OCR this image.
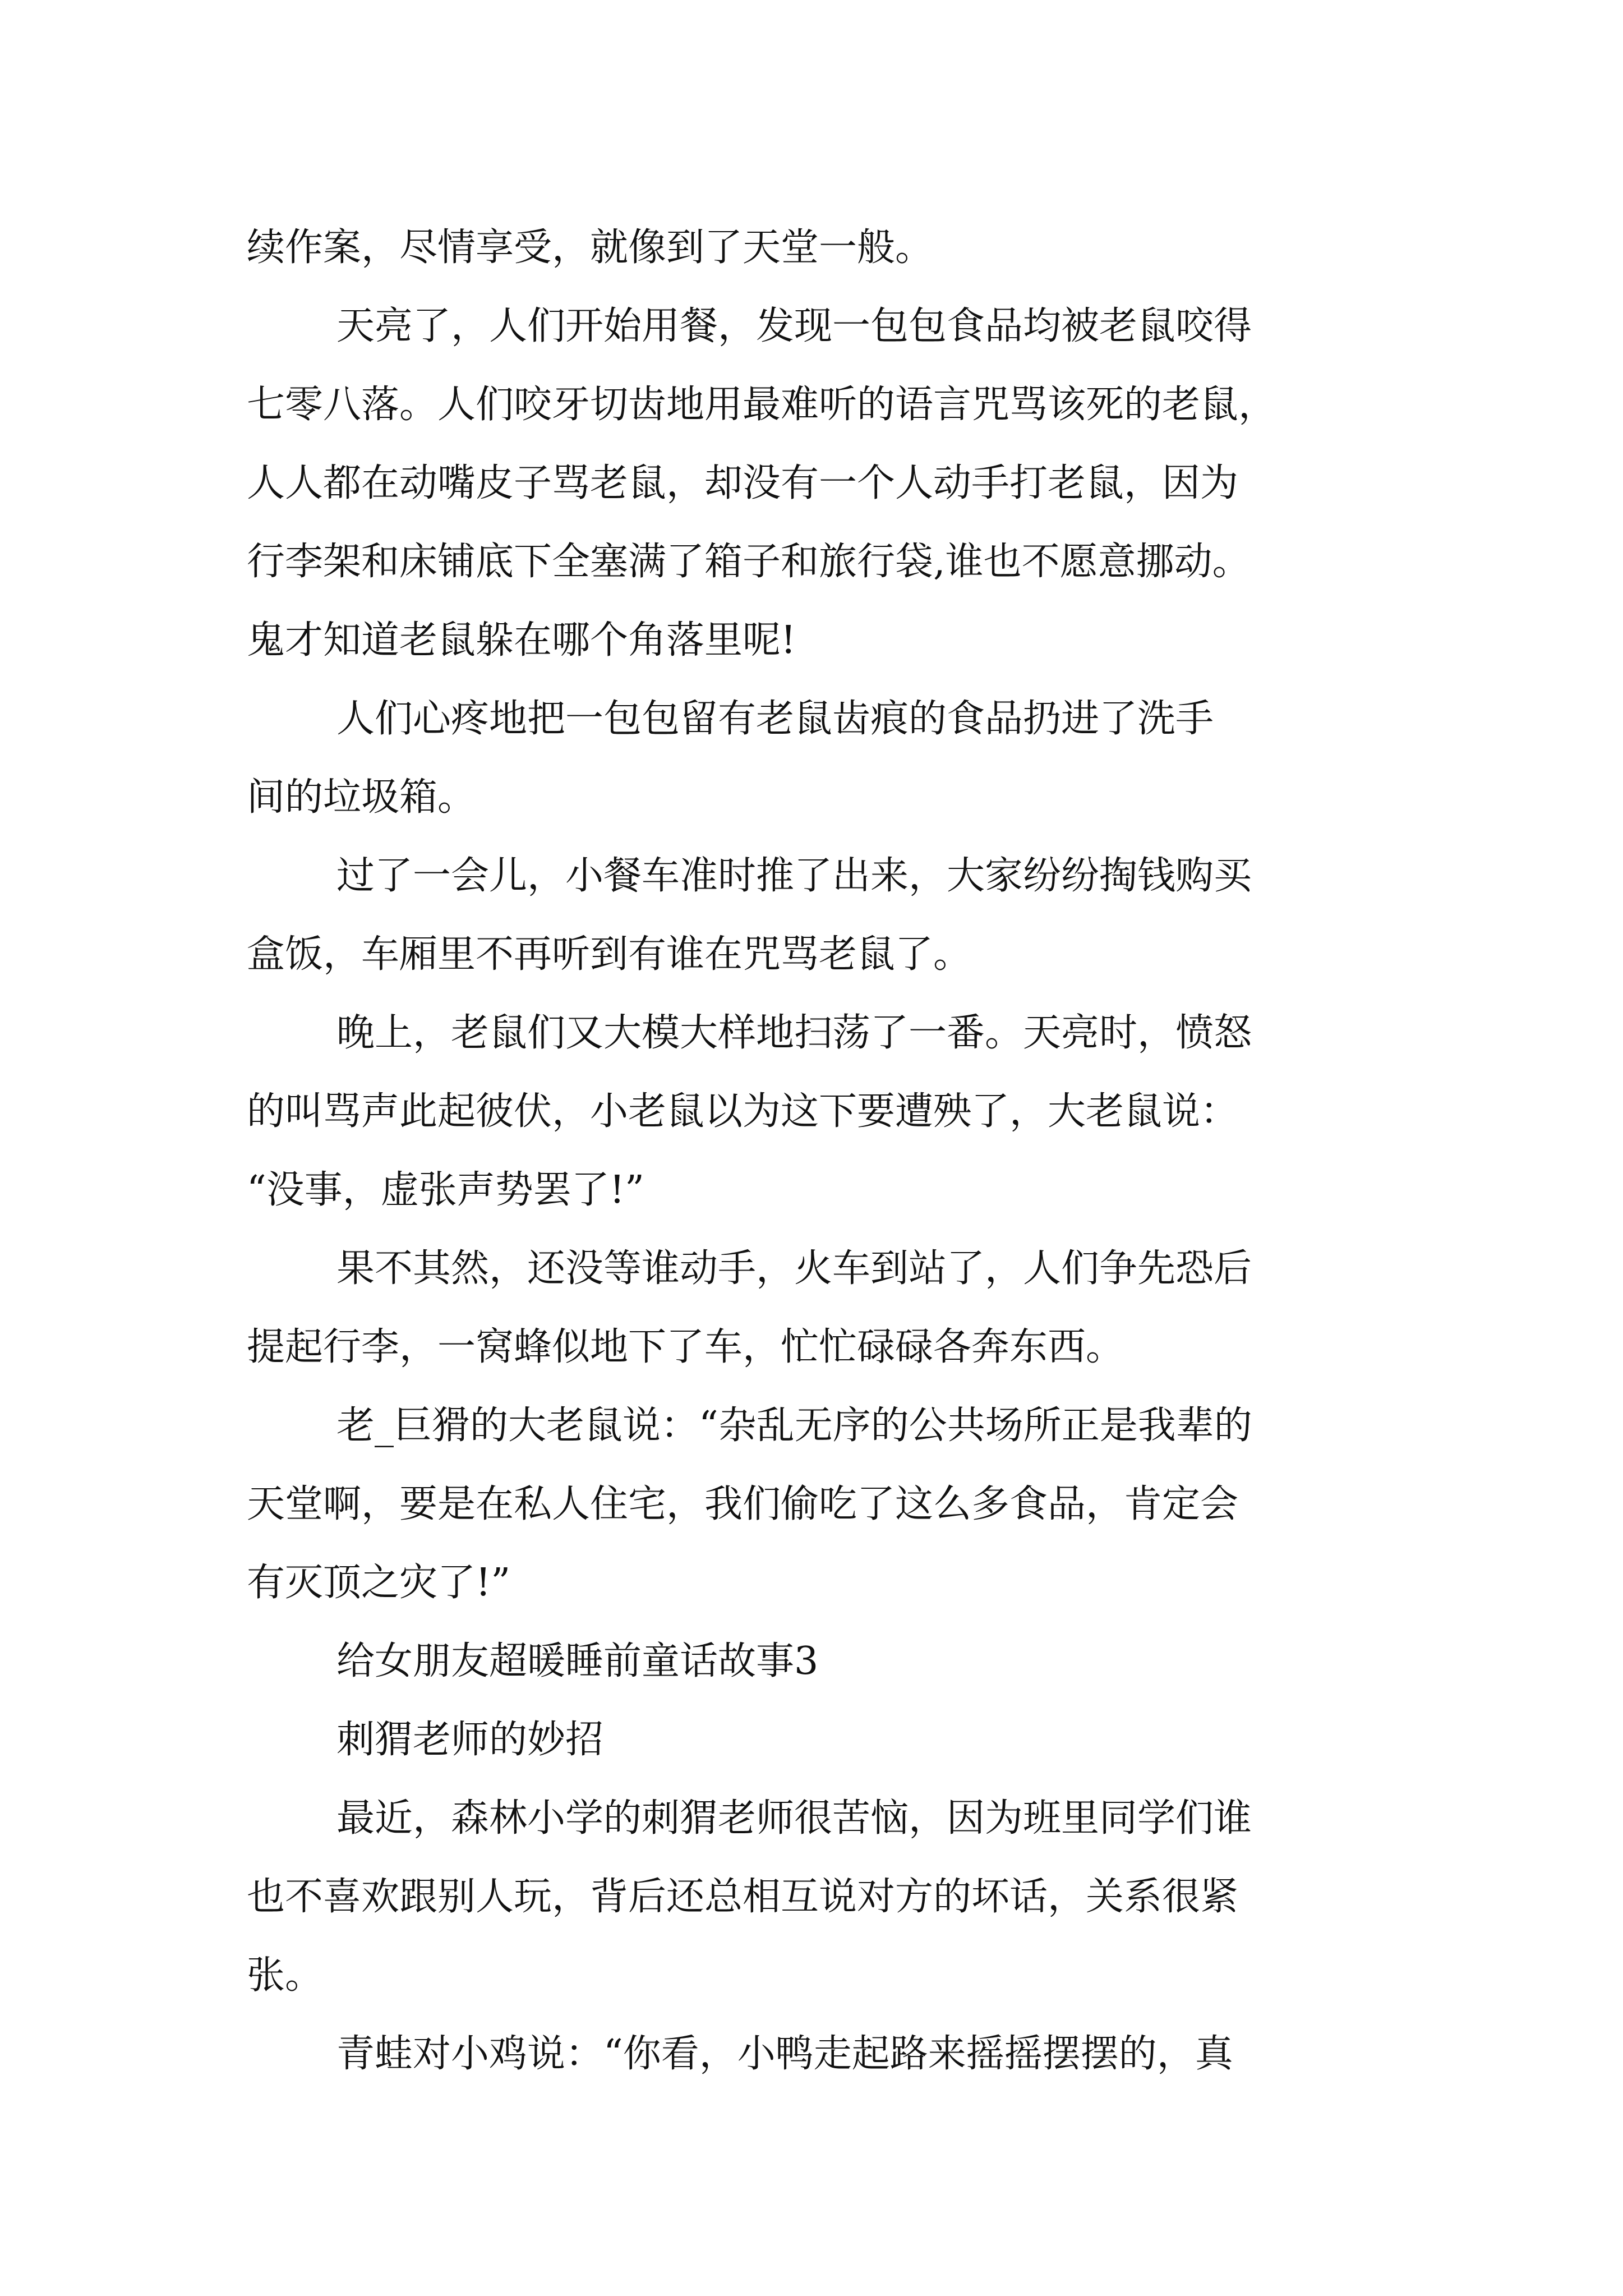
续作案，尽情享受，就像到了天堂一般。
天亮了，人们开始用餐，发现一包包食品均被老鼠咬得
七零八落。人们咬牙切齿地用最难听的语言咒骂该死的老鼠，
人人都在动嘴皮子骂老鼠，却没有一个人动手打老鼠，因为
行李架和床铺底下全塞满了箱子和旅行袋,谁也不愿意挪动。
鬼才知道老鼠躲在哪个角落里呢!
人们心疼地把一包包留有老鼠齿痕的食品扔进了洗手
间的垃圾箱。
过了一会儿，小餐车准时推了出来，大家纷纷掏钱购买
盒饭，车厢里不再听到有谁在咒骂老鼠了。
晚上，老鼠们又大模大样地扫荡了一番。天亮时，愤怒
的叫骂声此起彼伏，小老鼠以为这下要遭殃了，大老鼠说：
“没事，虚张声势罢了!”
果不其然，还没等谁动手，火车到站了，人们争先恐后
提起行李，一窝蜂似地下了车，忙忙碌碌各奔东西。
老_巨猾的大老鼠说：“杂乱无序的公共场所正是我辈的
天堂啊，要是在私人住宅，我们偷吃了这么多食品，肯定会
有灭顶之灾了!”
给女朋友超暖睡前童话故事3
刺猬老师的妙招
最近，森林小学的刺猬老师很苦恼，因为班里同学们谁
也不喜欢跟别人玩，背后还总相互说对方的坏话，关系很紧
张。
青蛙对小鸡说：“你看，小鸭走起路来摇摇摆摆的，真
